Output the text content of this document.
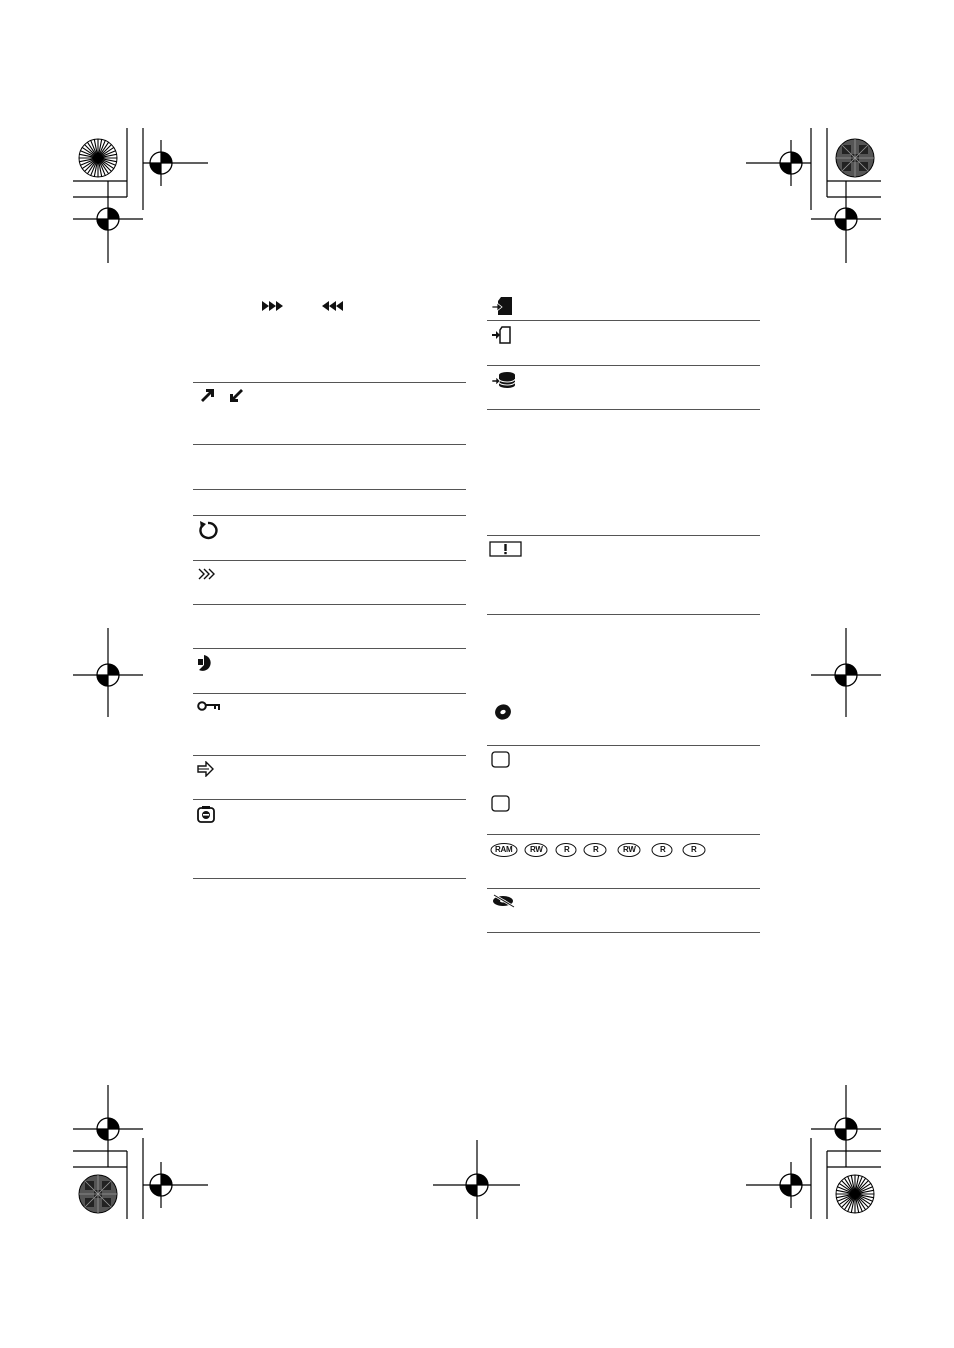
RAM RW	R	R	RW	R	R
